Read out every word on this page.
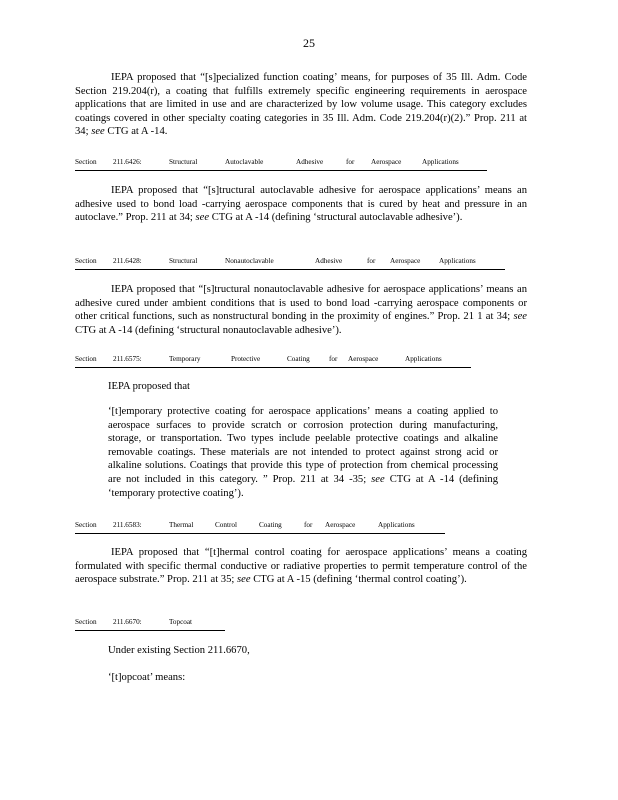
25

IEPA proposed that “[s]pecialized function coating’ means, for purposes of 35 Ill. Adm. Code Section 219.204(r), a coating that fulfills extremely specific engineering requirements in aerospace applications that are limited in use and are characterized by low volume usage. This category excludes coatings covered in other specialty coating categories in 35 Ill. Adm. Code 219.204(r)(2).” Prop. 211 at 34; see CTG at A -14.

Section 211.6426:	Structural	Autoclavable	Adhesive	for Aerospace	Applications

IEPA proposed that “[s]tructural autoclavable adhesive for aerospace applications’ means an adhesive used to bond load -carrying aerospace components that is cured by heat and pressure in an autoclave.” Prop. 211 at 34; see CTG at A -14 (defining ‘structural autoclavable adhesive’).

Section 211.6428:	Structural	Nonautoclavable	Adhesive	for Aerospace	Applications

IEPA proposed that “[s]tructural nonautoclavable adhesive for aerospace applications’ means an adhesive cured under ambient conditions that is used to bond load -carrying aerospace components or other critical functions, such as nonstructural bonding in the proximity of engines.” Prop. 21 1 at 34; see CTG at A -14 (defining ‘structural nonautoclavable adhesive’).

Section 211.6575:	Temporary	Protective	Coating	for Aerospace	Applications
IEPA proposed that

‘[t]emporary protective coating for aerospace applications’ means a coating applied to aerospace surfaces to provide scratch or corrosion protection during manufacturing, storage, or transportation. Two types include peelable protective coatings and alkaline removable coatings. These materials are not intended to protect against strong acid or alkaline solutions. Coatings that provide this type of protection from chemical processing are not included in this category. ” Prop. 211 at 34 -35; see CTG at A -14 (defining ‘temporary protective coating’).

Section 211.6583:	Thermal	Control	Coating	for Aerospace	Applications

IEPA proposed that “[t]hermal control coating for aerospace applications’ means a coating formulated with specific thermal conductive or radiative properties to permit temperature control of the aerospace substrate.” Prop. 211 at 35; see CTG at A -15 (defining ‘thermal control coating’).

Section 211.6670:	Topcoat
Under existing Section 211.6670,
‘[t]opcoat’ means:
